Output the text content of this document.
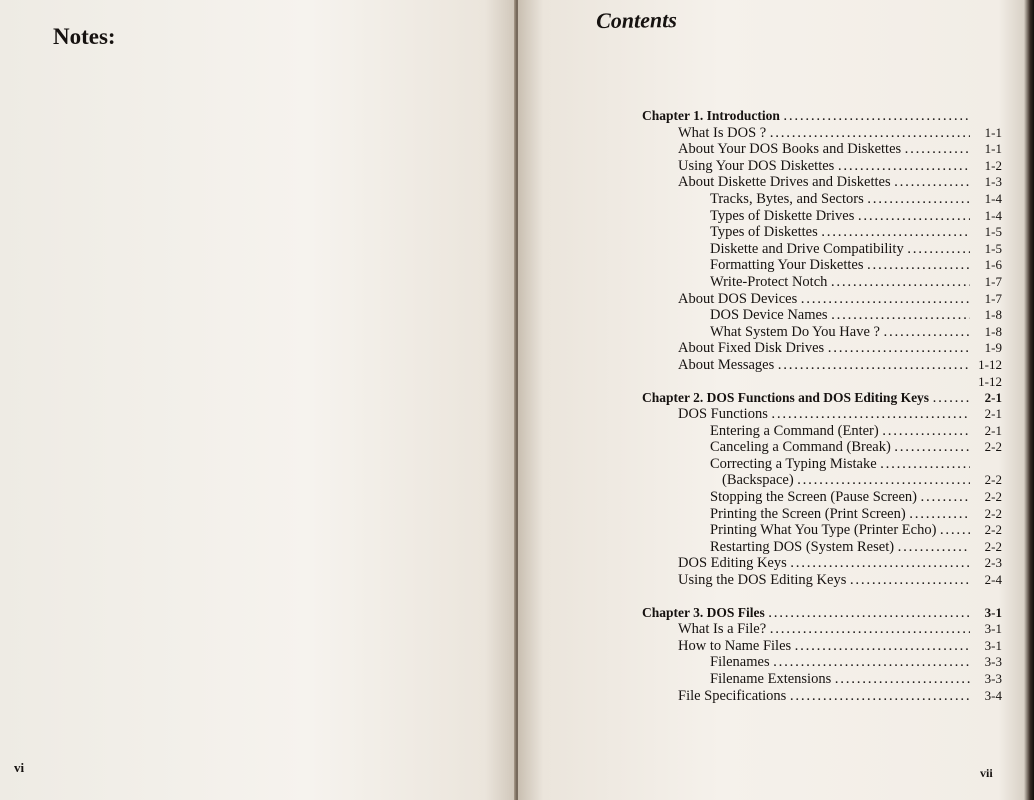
Notes:
vi
Contents
Chapter 1. Introduction
. . .
What Is DOS ? . . .	1-1
About Your DOS Books and Diskettes . . .	1-1
Using Your DOS Diskettes . . .	1-2
About Diskette Drives and Diskettes . . .	1-3
Tracks, Bytes, and Sectors . . .	1-4
Types of Diskette Drives . . .	1-4
Types of Diskettes . . .	1-5
Diskette and Drive Compatibility . . .	1-5
Formatting Your Diskettes . . .	1-6
Write-Protect Notch . . .	1-7
About DOS Devices . . .	1-7
DOS Device Names . . .	1-8
What System Do You Have ? . . .	1-8
About Fixed Disk Drives . . .	1-9
About Messages . . .	1-12
Chapter 2. DOS Functions and DOS Editing Keys . . .	2-1
DOS Functions . . .	2-1
Entering a Command (Enter) . . .	2-1
Canceling a Command (Break) . . .	2-2
Correcting a Typing Mistake
. . .
(Backspace) . . .	2-2
Stopping the Screen (Pause Screen) . . .	2-2
Printing the Screen (Print Screen) . . .	2-2
Printing What You Type (Printer Echo) . . .	2-2
Restarting DOS (System Reset) . . .	2-2
DOS Editing Keys . . .	2-3
Using the DOS Editing Keys . . .	2-4
Chapter 3. DOS Files . . .	3-1
What Is a File? . . .	3-1
How to Name Files . . .	3-1
Filenames . . .	3-3
Filename Extensions . . .	3-3
File Specifications . . .	3-4
1-12
vii
